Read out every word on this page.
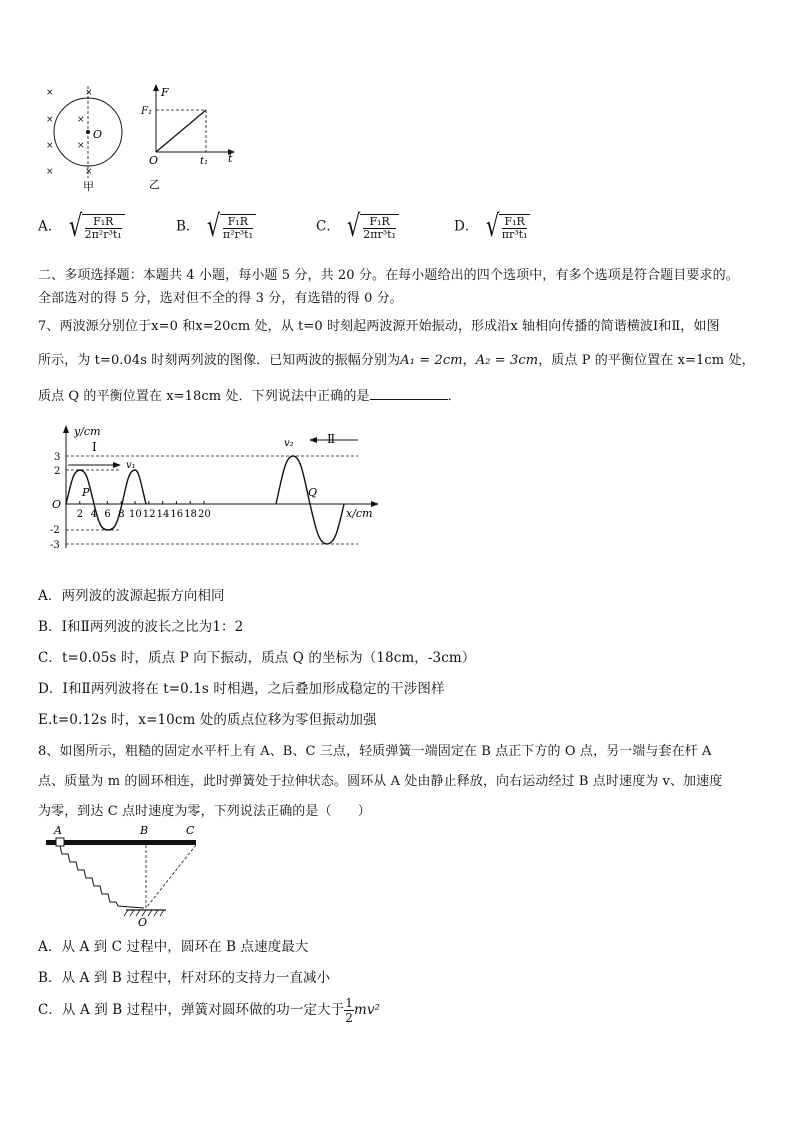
×
×
×
×
×
×
×
×
O
甲
F
F₁
O	t₁ t
乙
A． √ $\frac{\text{F₁R}}{\text{2π²r³t₁}}$	B． √ $\frac{\text{F₁R}}{\text{π²r³t₁}}$	C． √ $\frac{\text{F₁R}}{\text{2πr³t₁}}$	D． √ $\frac{\text{F₁R}}{\text{πr³t₁}}$
二、多项选择题：本题共 4 小题，每小题 5 分，共 20 分。在每小题给出的四个选项中，有多个选项是符合题目要求的。
全部选对的得 5 分，选对但不全的得 3 分，有选错的得 0 分。
7、两波源分别位于x=0 和x=20cm 处，从 t=0 时刻起两波源开始振动，形成沿x 轴相向传播的简谐横波Ⅰ和Ⅱ，如图
所示，为 t=0.04s 时刻两列波的图像．已知两波的振幅分别为A₁ = 2cm，A₂ = 3cm，质点 P 的平衡位置在 x=1cm 处，
质点 Q 的平衡位置在 x=18cm 处．下列说法中正确的是	．
y/cm
x/cm
O
3
2
-2
-3
2 4 6 8 10 12 14 16 18 20
v₁
Ⅰ	v₂	Ⅱ
P	Q
A．两列波的波源起振方向相同
B．Ⅰ和Ⅱ两列波的波长之比为1：2
C．t=0.05s 时，质点 P 向下振动，质点 Q 的坐标为（18cm，-3cm）
D．Ⅰ和Ⅱ两列波将在 t=0.1s 时相遇，之后叠加形成稳定的干涉图样
E.t=0.12s 时，x=10cm 处的质点位移为零但振动加强
8、如图所示，粗糙的固定水平杆上有 A、B、C 三点，轻质弹簧一端固定在 B 点正下方的 O 点，另一端与套在杆 A
点、质量为 m 的圆环相连，此时弹簧处于拉伸状态。圆环从 A 处由静止释放，向右运动经过 B 点时速度为 v、加速度
为零，到达 C 点时速度为零，下列说法正确的是（　　）
A	B	C
O
A．从 A 到 C 过程中，圆环在 B 点速度最大
B．从 A 到 B 过程中，杆对环的支持力一直减小
C．从 A 到 B 过程中，弹簧对圆环做的功一定大于 $\frac{1}{2} mv^2$
